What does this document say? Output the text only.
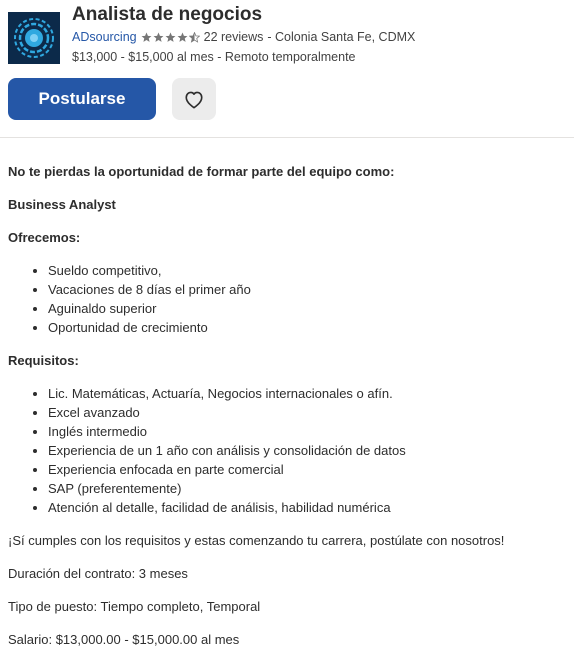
Analista de negocios
ADsourcing	22 reviews - Colonia Santa Fe, CDMX
$13,000 - $15,000 al mes - Remoto temporalmente
Postularse

No te pierdas la oportunidad de formar parte del equipo como:

Business Analyst

Ofrecemos:

• Sueldo competitivo,
• Vacaciones de 8 días el primer año
• Aguinaldo superior
• Oportunidad de crecimiento

Requisitos:

• Lic. Matemáticas, Actuaría, Negocios internacionales o afín.
• Excel avanzado
• Inglés intermedio
• Experiencia de un 1 año con análisis y consolidación de datos
• Experiencia enfocada en parte comercial
• SAP (preferentemente)
• Atención al detalle, facilidad de análisis, habilidad numérica

¡Sí cumples con los requisitos y estas comenzando tu carrera, postúlate con nosotros!

Duración del contrato: 3 meses

Tipo de puesto: Tiempo completo, Temporal

Salario: $13,000.00 - $15,000.00 al mes
